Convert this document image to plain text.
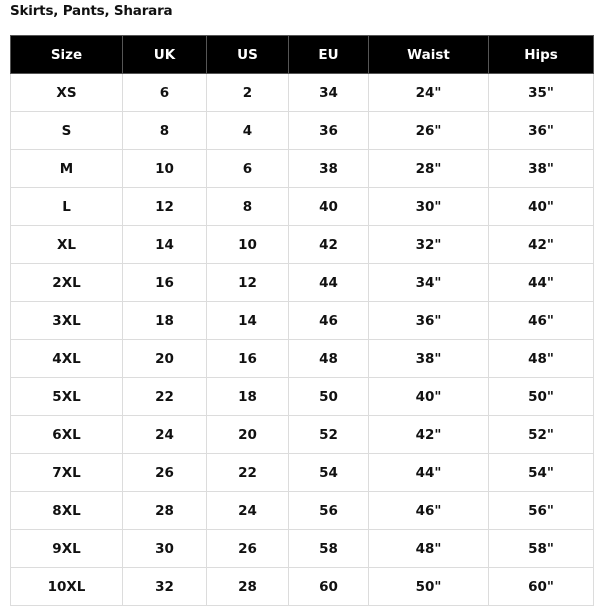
Skirts, Pants, Sharara
Size	UK	US	EU	Waist	Hips
XS	6	2	34	24"	35"
S	8	4	36	26"	36"
M	10	6	38	28"	38"
L	12	8	40	30"	40"
XL	14	10	42	32"	42"
2XL	16	12	44	34"	44"
3XL	18	14	46	36"	46"
4XL	20	16	48	38"	48"
5XL	22	18	50	40"	50"
6XL	24	20	52	42"	52"
7XL	26	22	54	44"	54"
8XL	28	24	56	46"	56"
9XL	30	26	58	48"	58"
10XL	32	28	60	50"	60"
